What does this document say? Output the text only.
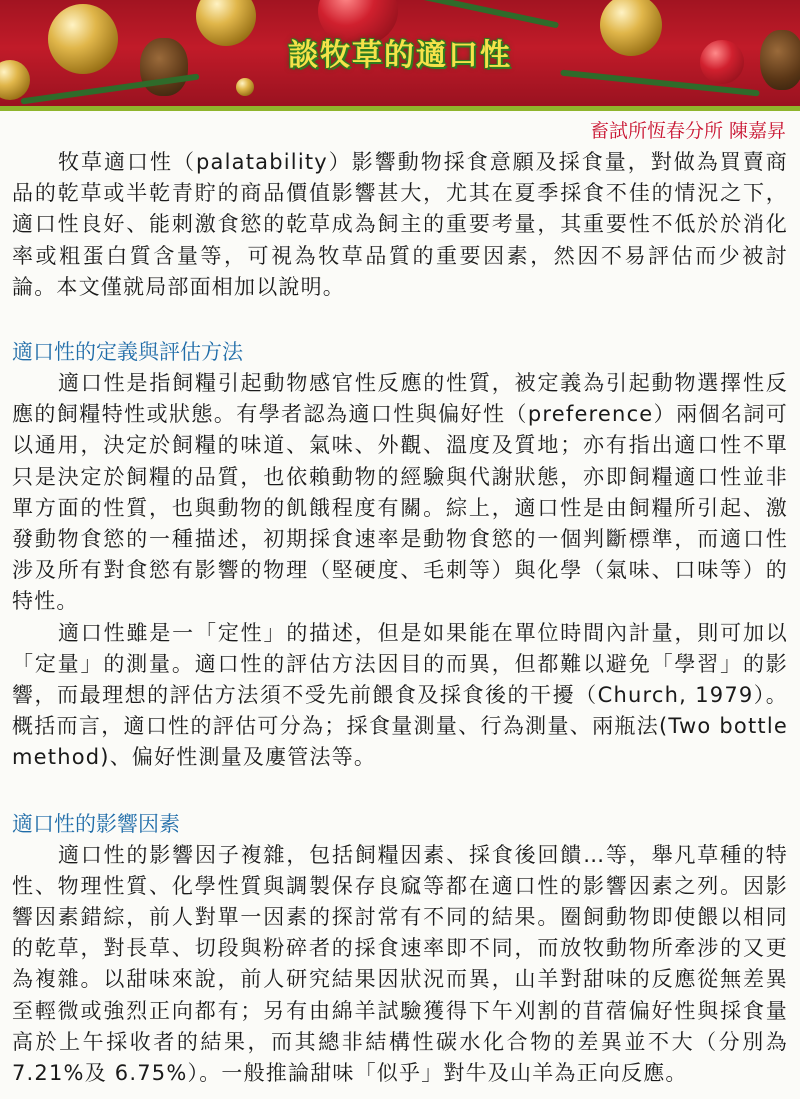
談牧草的適口性
畜試所恆春分所 陳嘉昇

牧草適口性（palatability）影響動物採食意願及採食量，對做為買賣商品的乾草或半乾青貯的商品價值影響甚大，尤其在夏季採食不佳的情況之下，適口性良好、能刺激食慾的乾草成為飼主的重要考量，其重要性不低於於消化率或粗蛋白質含量等，可視為牧草品質的重要因素，然因不易評估而少被討論。本文僅就局部面相加以說明。

適口性的定義與評估方法

適口性是指飼糧引起動物感官性反應的性質，被定義為引起動物選擇性反應的飼糧特性或狀態。有學者認為適口性與偏好性（preference）兩個名詞可以通用，決定於飼糧的味道、氣味、外觀、溫度及質地；亦有指出適口性不單只是決定於飼糧的品質，也依賴動物的經驗與代謝狀態，亦即飼糧適口性並非單方面的性質，也與動物的飢餓程度有關。綜上，適口性是由飼糧所引起、激發動物食慾的一種描述，初期採食速率是動物食慾的一個判斷標準，而適口性涉及所有對食慾有影響的物理（堅硬度、毛刺等）與化學（氣味、口味等）的特性。

適口性雖是一「定性」的描述，但是如果能在單位時間內計量，則可加以「定量」的測量。適口性的評估方法因目的而異，但都難以避免「學習」的影響，而最理想的評估方法須不受先前餵食及採食後的干擾（Church, 1979）。概括而言，適口性的評估可分為；採食量測量、行為測量、兩瓶法(Two bottle method)、偏好性測量及廔管法等。

適口性的影響因素

適口性的影響因子複雜，包括飼糧因素、採食後回饋…等，舉凡草種的特性、物理性質、化學性質與調製保存良窳等都在適口性的影響因素之列。因影響因素錯綜，前人對單一因素的探討常有不同的結果。圈飼動物即使餵以相同的乾草，對長草、切段與粉碎者的採食速率即不同，而放牧動物所牽涉的又更為複雜。以甜味來說，前人研究結果因狀況而異，山羊對甜味的反應從無差異至輕微或強烈正向都有；另有由綿羊試驗獲得下午刈割的苜蓿偏好性與採食量高於上午採收者的結果，而其總非結構性碳水化合物的差異並不大（分別為7.21%及 6.75%）。一般推論甜味「似乎」對牛及山羊為正向反應。
